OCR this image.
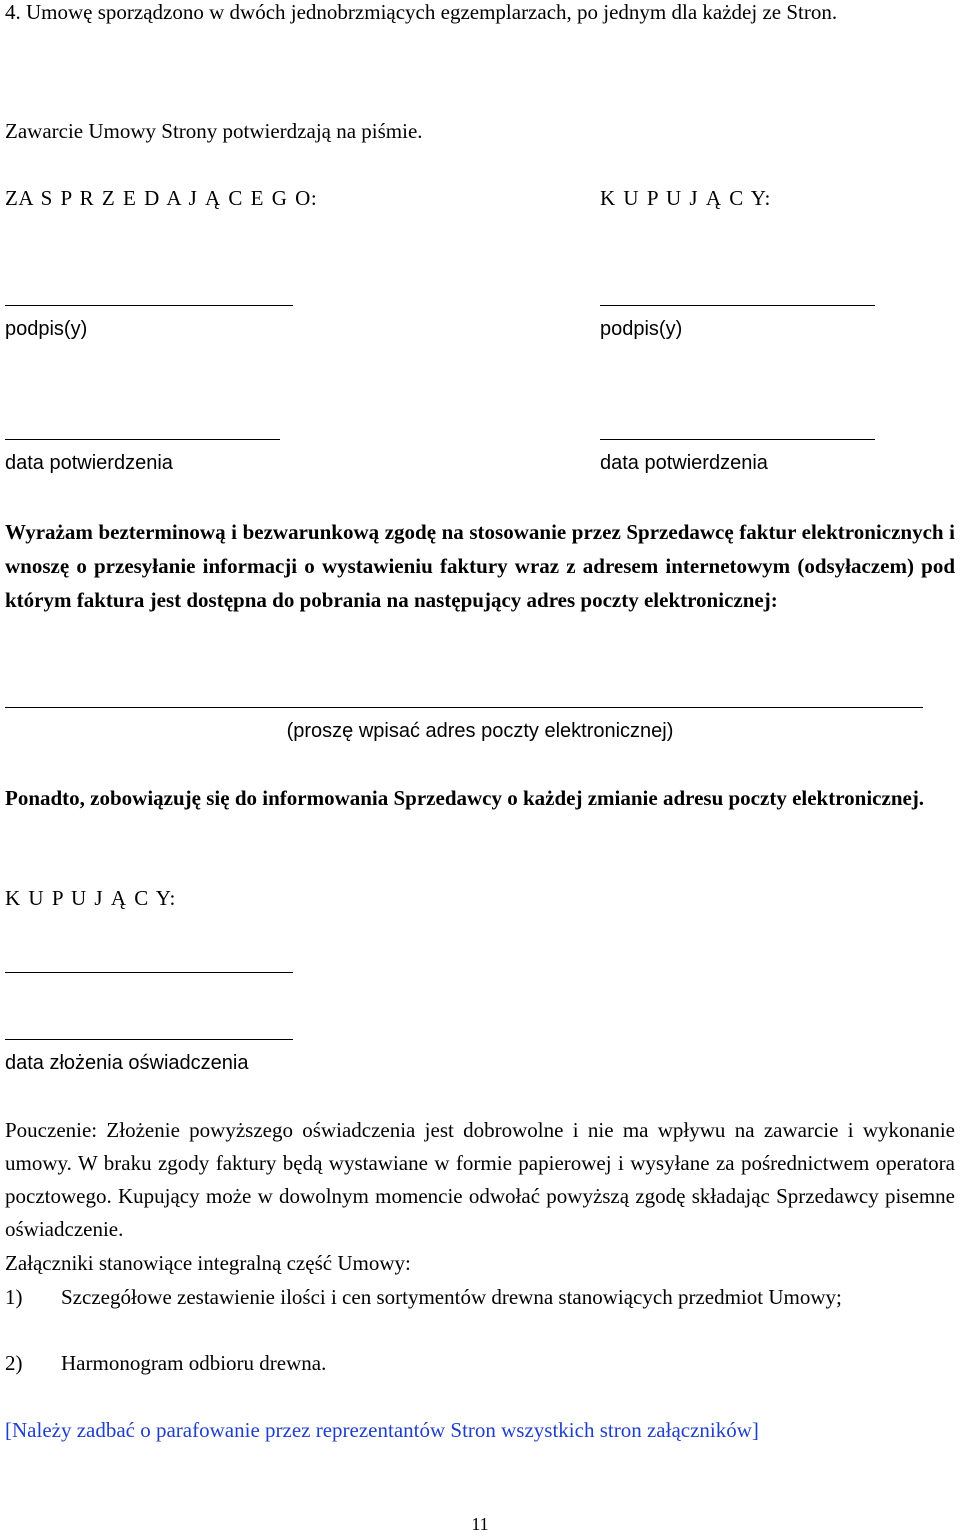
4. Umowę sporządzono w dwóch jednobrzmiących egzemplarzach, po jednym dla każdej ze Stron.
Zawarcie Umowy Strony potwierdzają na piśmie.
ZA S P R Z E D A J Ą C E G O:	K U P U J Ą C Y:
podpis(y)	podpis(y)
data potwierdzenia	data potwierdzenia
Wyrażam bezterminową i bezwarunkową zgodę na stosowanie przez Sprzedawcę faktur elektronicznych i wnoszę o przesyłanie informacji o wystawieniu faktury wraz z adresem internetowym (odsyłaczem) pod którym faktura jest dostępna do pobrania na następujący adres poczty elektronicznej:
(proszę wpisać adres poczty elektronicznej)
Ponadto, zobowiązuję się do informowania Sprzedawcy o każdej zmianie adresu poczty elektronicznej.
K U P U J Ą C Y:
data złożenia oświadczenia
Pouczenie: Złożenie powyższego oświadczenia jest dobrowolne i nie ma wpływu na zawarcie i wykonanie umowy. W braku zgody faktury będą wystawiane w formie papierowej i wysyłane za pośrednictwem operatora pocztowego. Kupujący może w dowolnym momencie odwołać powyższą zgodę składając Sprzedawcy pisemne oświadczenie.
Załączniki stanowiące integralną część Umowy:
1) Szczegółowe zestawienie ilości i cen sortymentów drewna stanowiących przedmiot Umowy;
2) Harmonogram odbioru drewna.
[Należy zadbać o parafowanie przez reprezentantów Stron wszystkich stron załączników]
11
